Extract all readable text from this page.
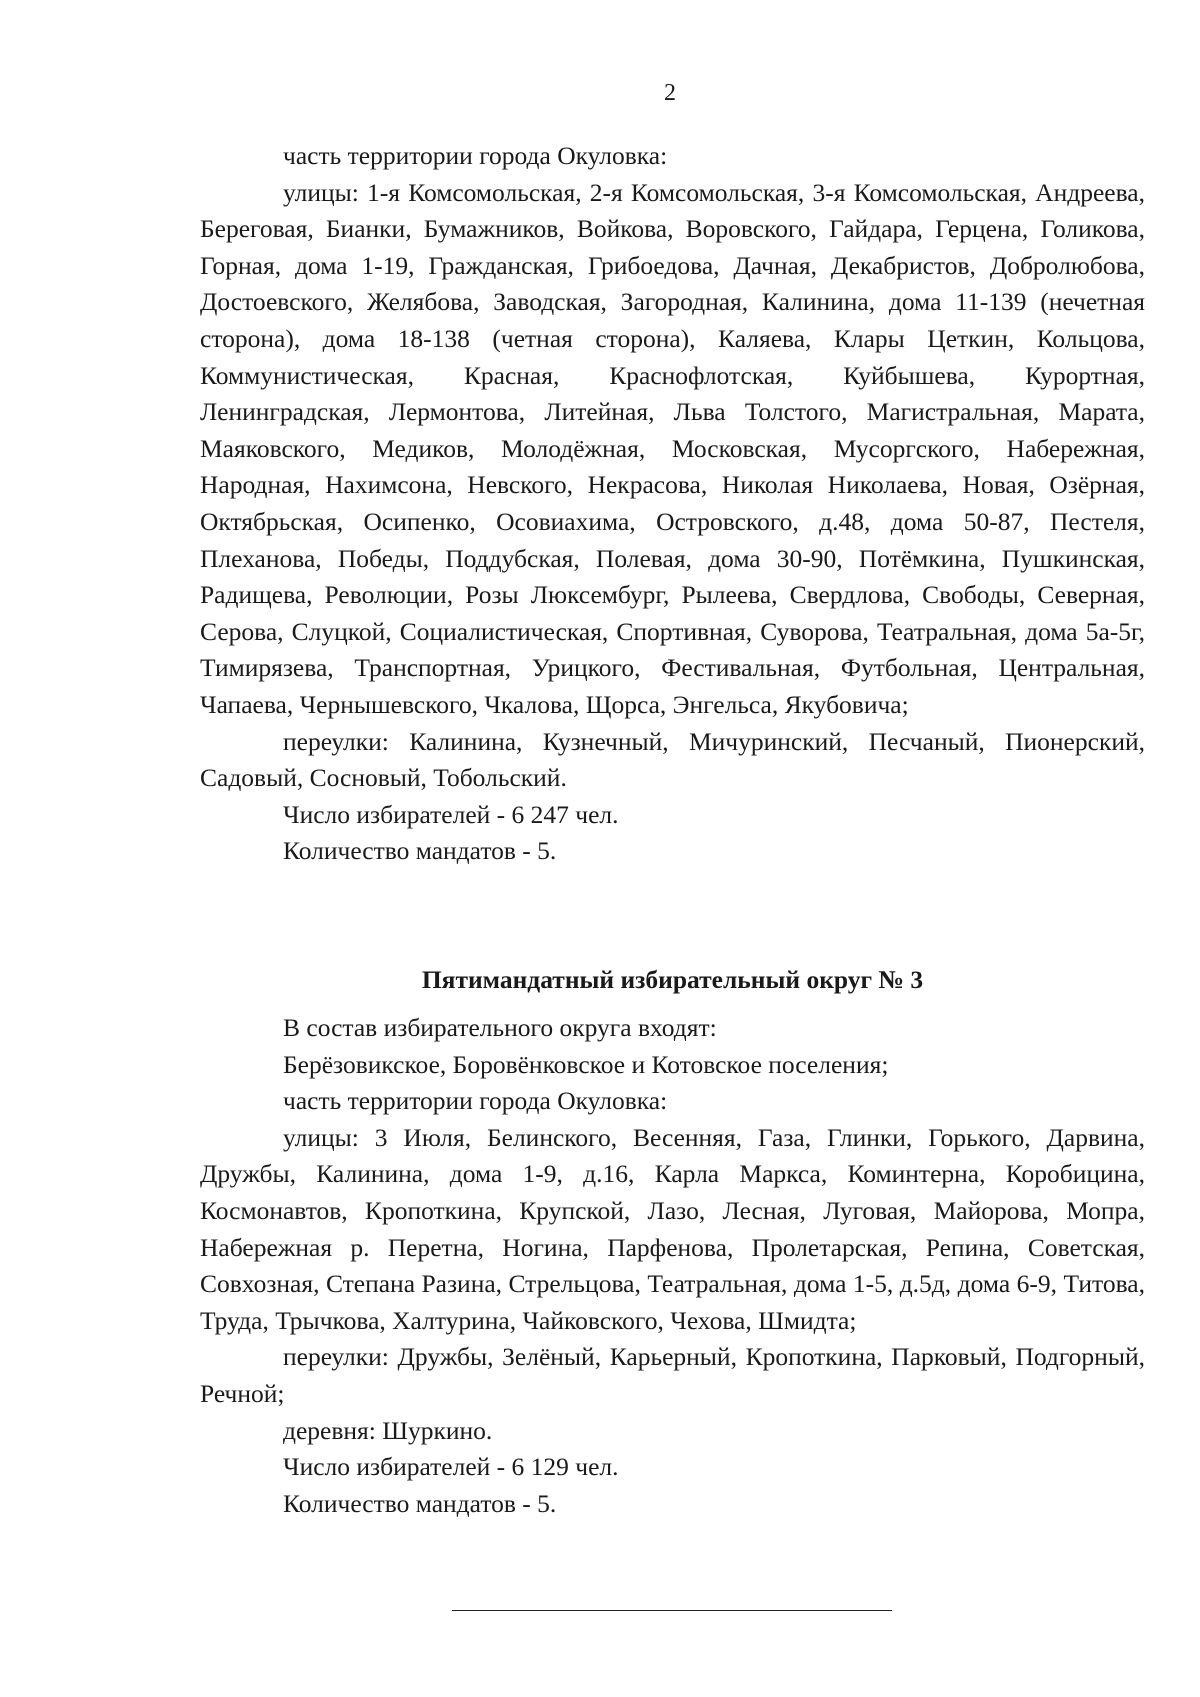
2

часть территории города Окуловка:

улицы: 1-я Комсомольская, 2-я Комсомольская, 3-я Комсомольская, Андреева, Береговая, Бианки, Бумажников, Войкова, Воровского, Гайдара, Герцена, Голикова, Горная, дома 1-19, Гражданская, Грибоедова, Дачная, Декабристов, Добролюбова, Достоевского, Желябова, Заводская, Загородная, Калинина, дома 11-139 (нечетная сторона), дома 18-138 (четная сторона), Каляева, Клары Цеткин, Кольцова, Коммунистическая, Красная, Краснофлотская, Куйбышева, Курортная, Ленинградская, Лермонтова, Литейная, Льва Толстого, Магистральная, Марата, Маяковского, Медиков, Молодёжная, Московская, Мусоргского, Набережная, Народная, Нахимсона, Невского, Некрасова, Николая Николаева, Новая, Озёрная, Октябрьская, Осипенко, Осовиахима, Островского, д.48, дома 50-87, Пестеля, Плеханова, Победы, Поддубская, Полевая, дома 30-90, Потёмкина, Пушкинская, Радищева, Революции, Розы Люксембург, Рылеева, Свердлова, Свободы, Северная, Серова, Слуцкой, Социалистическая, Спортивная, Суворова, Театральная, дома 5а-5г, Тимирязева, Транспортная, Урицкого, Фестивальная, Футбольная, Центральная, Чапаева, Чернышевского, Чкалова, Щорса, Энгельса, Якубовича;

переулки: Калинина, Кузнечный, Мичуринский, Песчаный, Пионерский, Садовый, Сосновый, Тобольский.

Число избирателей - 6 247 чел.

Количество мандатов - 5.

Пятимандатный избирательный округ № 3

В состав избирательного округа входят:

Берёзовикское, Боровёнковское и Котовское поселения;

часть территории города Окуловка:

улицы: 3 Июля, Белинского, Весенняя, Газа, Глинки, Горького, Дарвина, Дружбы, Калинина, дома 1-9, д.16, Карла Маркса, Коминтерна, Коробицина, Космонавтов, Кропоткина, Крупской, Лазо, Лесная, Луговая, Майорова, Мопра, Набережная р. Перетна, Ногина, Парфенова, Пролетарская, Репина, Советская, Совхозная, Степана Разина, Стрельцова, Театральная, дома 1-5, д.5д, дома 6-9, Титова, Труда, Трычкова, Халтурина, Чайковского, Чехова, Шмидта;

переулки: Дружбы, Зелёный, Карьерный, Кропоткина, Парковый, Подгорный, Речной;

деревня: Шуркино.

Число избирателей - 6 129 чел.

Количество мандатов - 5.
